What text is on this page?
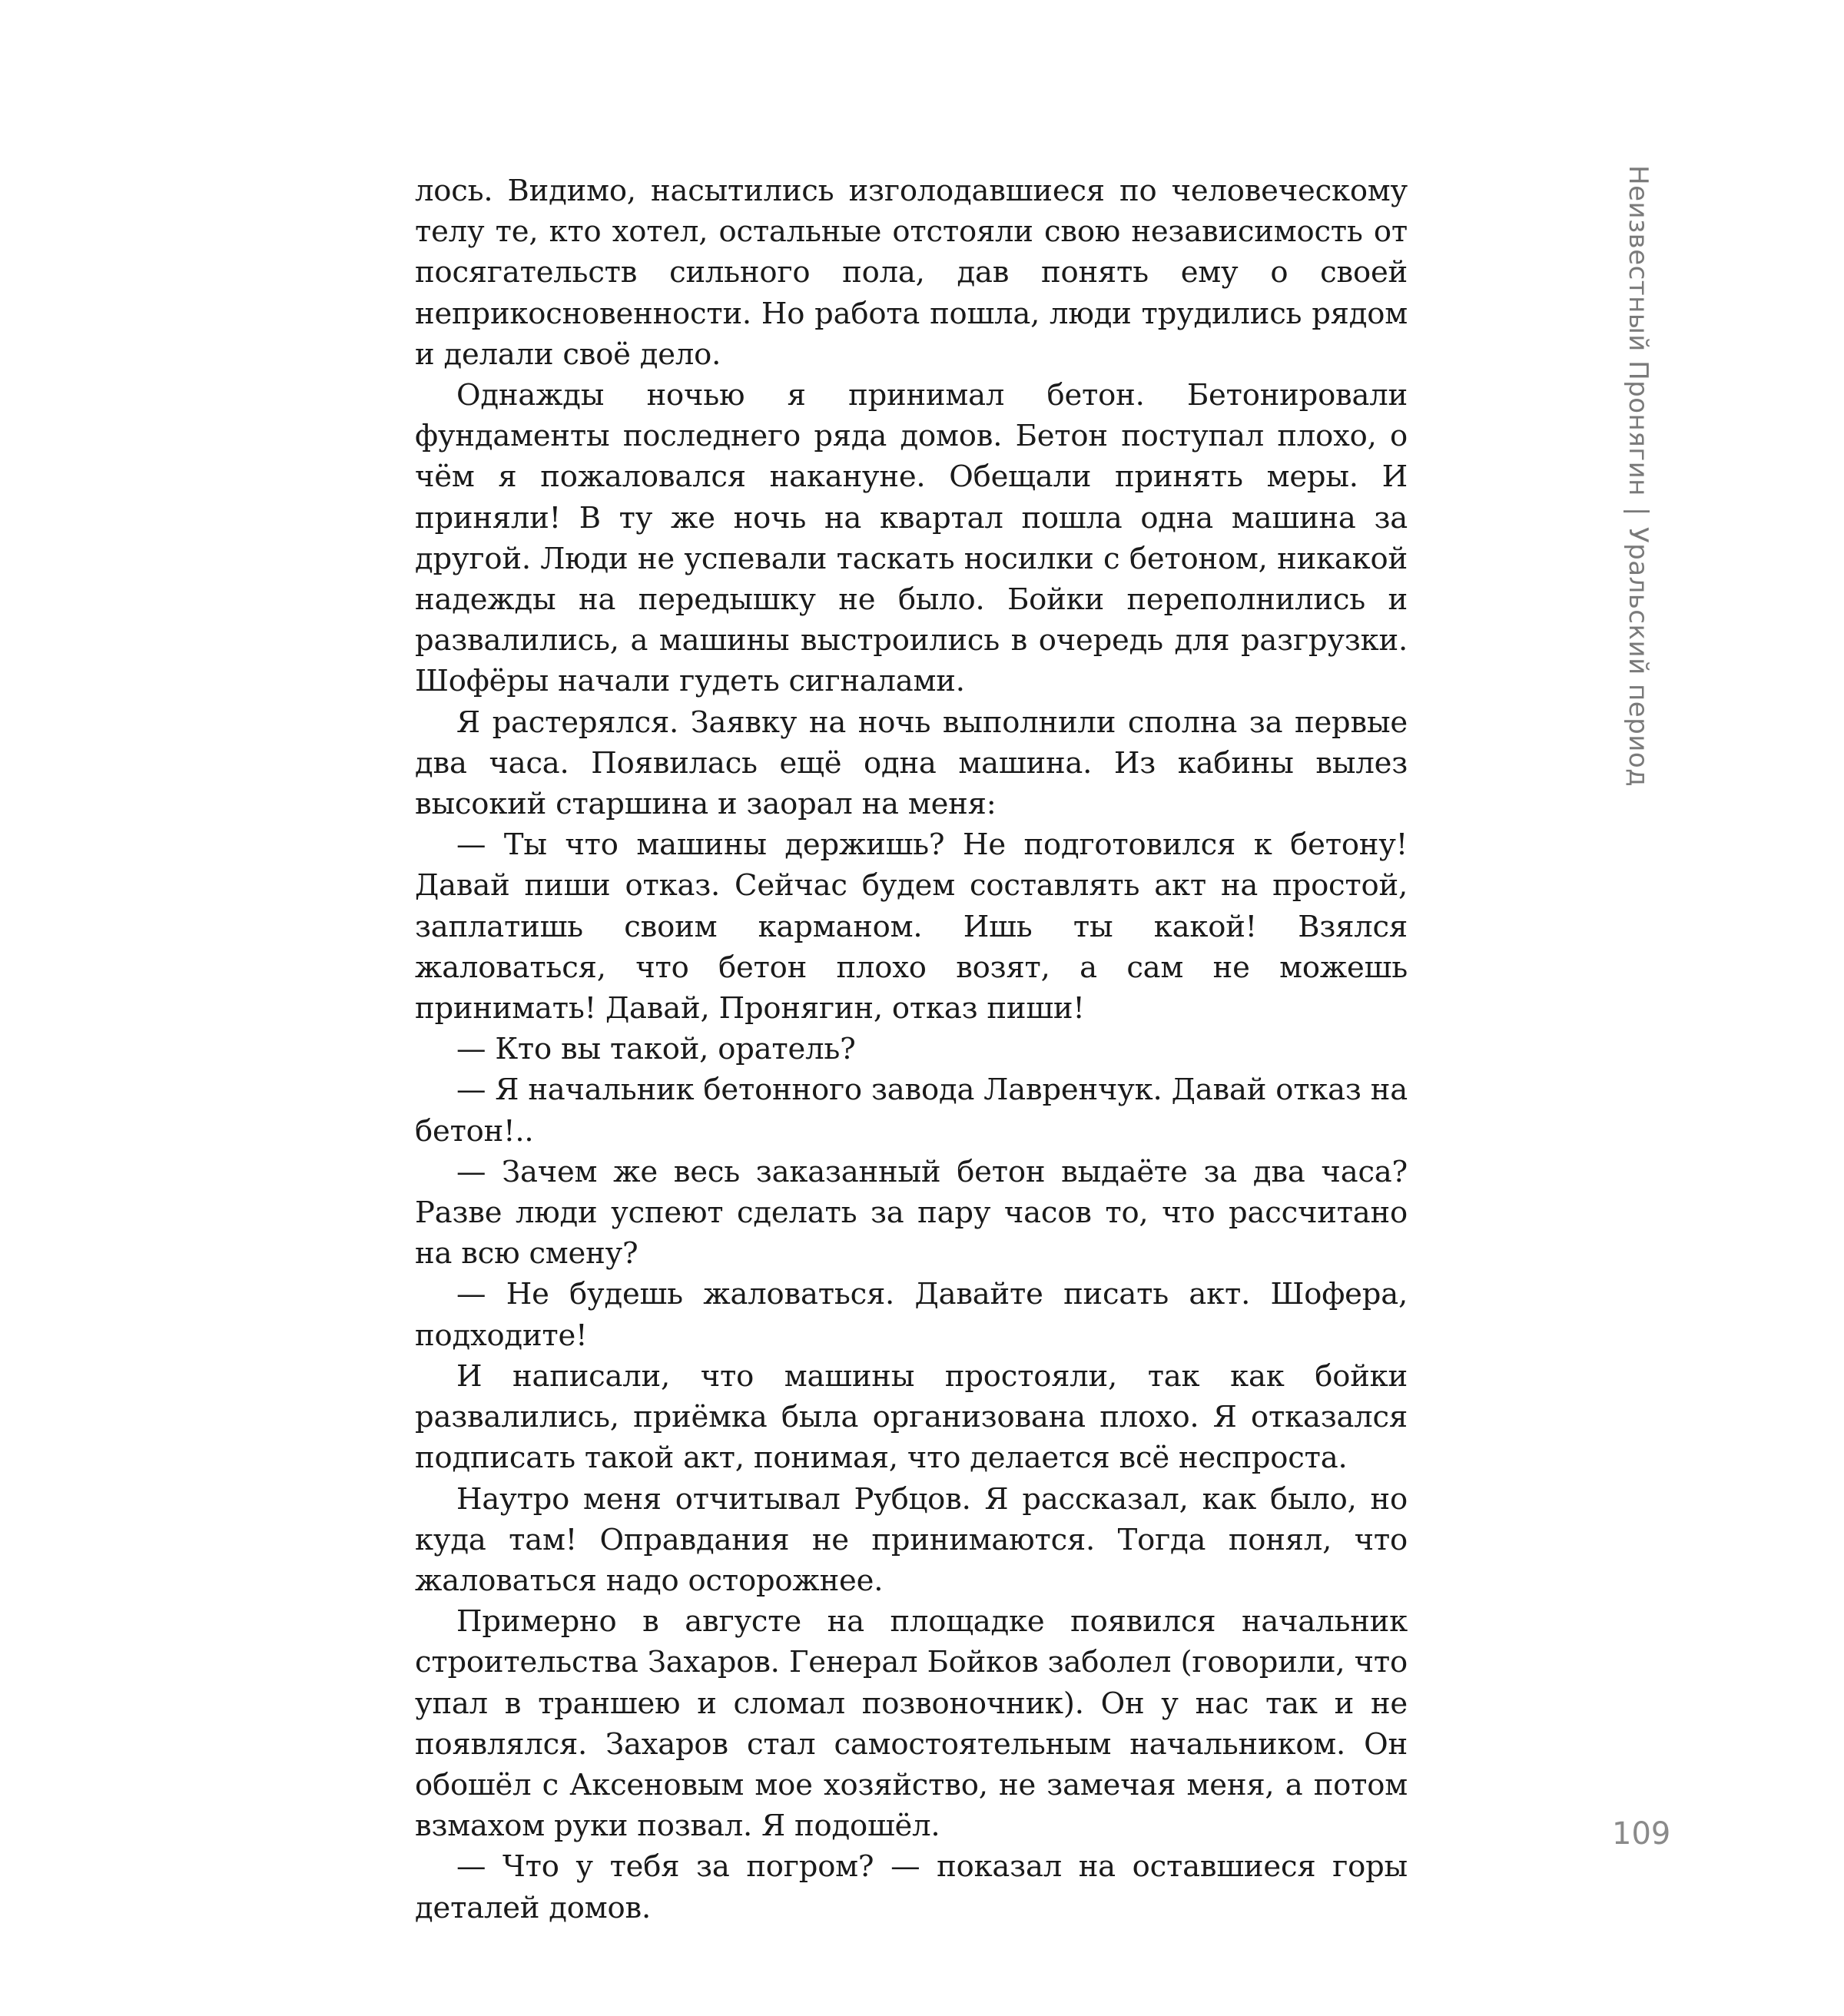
Неизвестный Пронягин|Уральский период

лось. Видимо, насытились изголодавшиеся по человеческому телу те, кто хотел, остальные отстояли свою независимость от посягательств сильного пола, дав понять ему о своей неприкосновенности. Но работа пошла, люди трудились рядом и делали своё дело.

Однажды ночью я принимал бетон. Бетонировали фундаменты последнего ряда домов. Бетон поступал плохо, о чём я пожаловался накануне. Обещали принять меры. И приняли! В ту же ночь на квартал пошла одна машина за другой. Люди не успевали таскать носилки с бетоном, никакой надежды на передышку не было. Бойки переполнились и развалились, а машины выстроились в очередь для разгрузки. Шофёры начали гудеть сигналами.

Я растерялся. Заявку на ночь выполнили сполна за первые два часа. Появилась ещё одна машина. Из кабины вылез высокий старшина и заорал на меня:

— Ты что машины держишь? Не подготовился к бетону! Давай пиши отказ. Сейчас будем составлять акт на простой, заплатишь своим карманом. Ишь ты какой! Взялся жаловаться, что бетон плохо возят, а сам не можешь принимать! Давай, Пронягин, отказ пиши!

— Кто вы такой, оратель?

— Я начальник бетонного завода Лавренчук. Давай отказ на бетон!..

— Зачем же весь заказанный бетон выдаёте за два часа? Разве люди успеют сделать за пару часов то, что рассчитано на всю смену?

— Не будешь жаловаться. Давайте писать акт. Шофера, подходите!

И написали, что машины простояли, так как бойки развалились, приёмка была организована плохо. Я отказался подписать такой акт, понимая, что делается всё неспроста.

Наутро меня отчитывал Рубцов. Я рассказал, как было, но куда там! Оправдания не принимаются. Тогда понял, что жаловаться надо осторожнее.

Примерно в августе на площадке появился начальник строительства Захаров. Генерал Бойков заболел (говорили, что упал в траншею и сломал позвоночник). Он у нас так и не появлялся. Захаров стал самостоятельным начальником. Он обошёл с Аксеновым мое хозяйство, не замечая меня, а потом взмахом руки позвал. Я подошёл.

— Что у тебя за погром? — показал на оставшиеся горы деталей домов.

109
